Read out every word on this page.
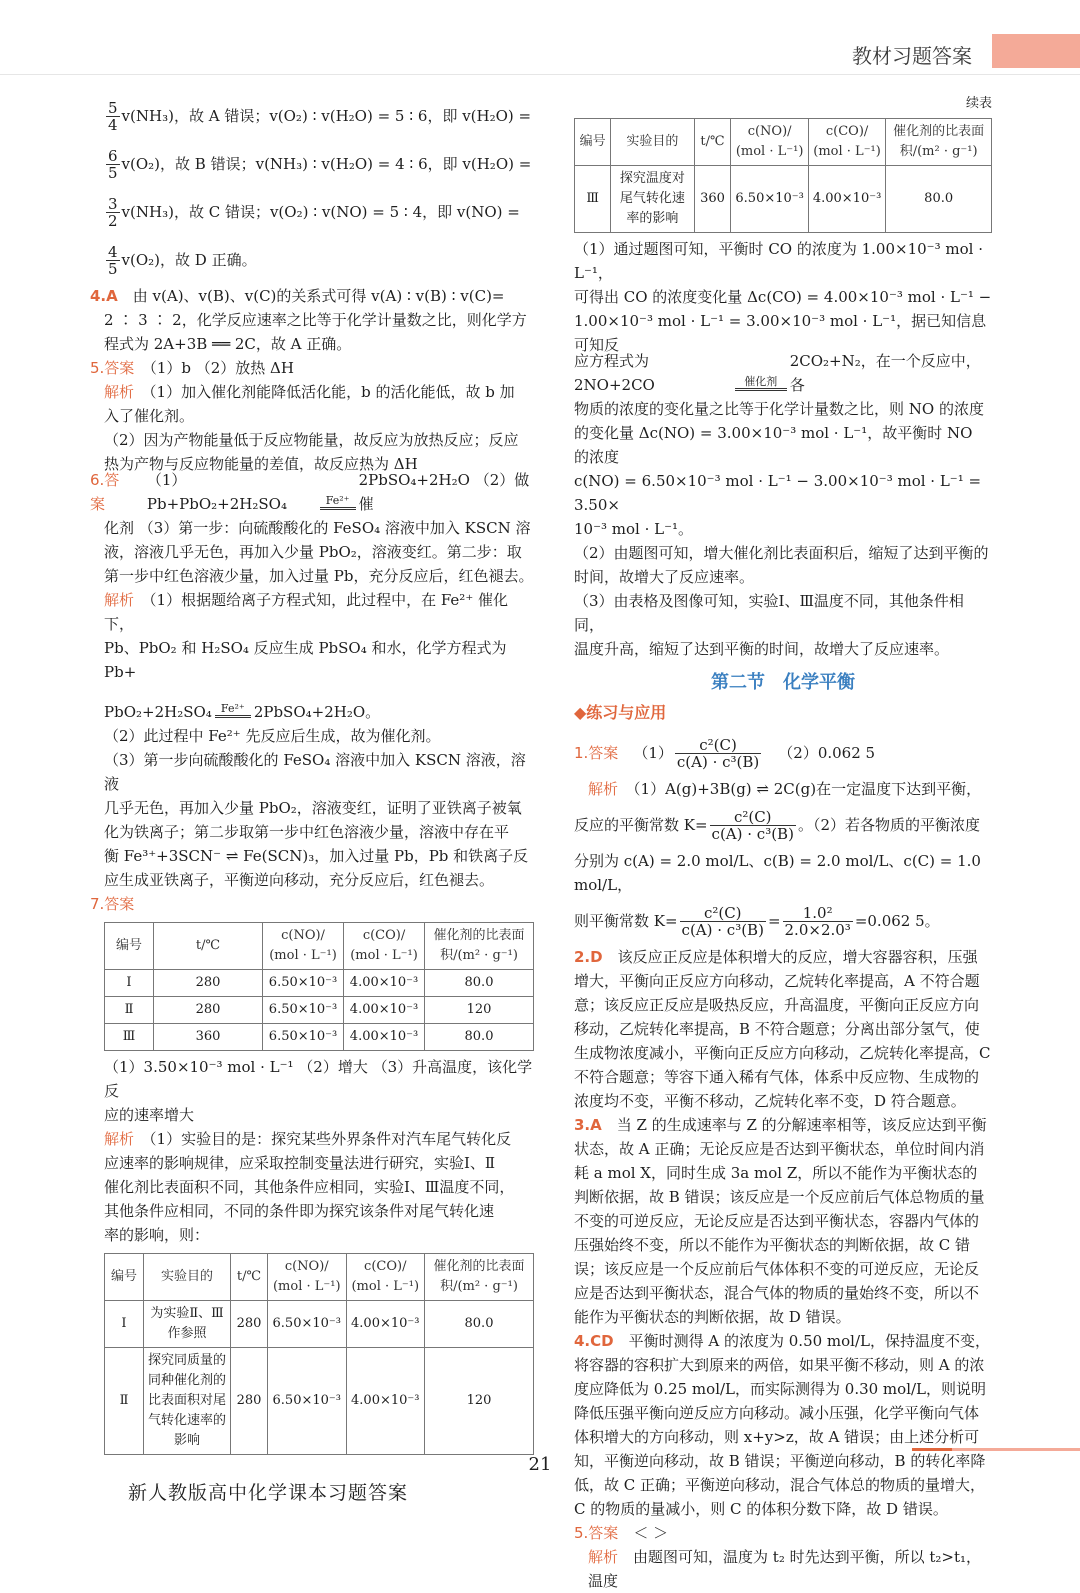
教材习题答案

$\frac{5}{4} v(NH_3)$，故 A 错误；v(O₂) ∶ v(H₂O) = 5 ∶ 6，即 v(H₂O) =

$\frac{6}{5} v(O_2)$，故 B 错误；v(NH₃) ∶ v(H₂O) = 4 ∶ 6，即 v(H₂O) =

$\frac{3}{2} v(NH_3)$，故 C 错误；v(O₂) ∶ v(NO) = 5 ∶ 4，即 v(NO) =

$\frac{4}{5} v(O_2)$，故 D 正确。

4.A　 由 v(A)、v(B)、v(C)的关系式可得 v(A) ∶ v(B) ∶ v(C)=

2 ∶ 3 ∶ 2，化学反应速率之比等于化学计量数之比，则化学方

程式为 2A+3B ══ 2C，故 A 正确。

5.答案　 （1）b （2）放热 ΔH

解析　 （1）加入催化剂能降低活化能，b 的活化能低，故 b 加

入了催化剂。

（2）因为产物能量低于反应物能量，故反应为放热反应；反应

热为产物与反应物能量的差值，故反应热为 ΔH

6.答案

（1）Pb+PbO₂+2H₂SO₄	Fe²⁺
2PbSO₄+2H₂O （2）做催

化剂 （3）第一步：向硫酸酸化的 FeSO₄ 溶液中加入 KSCN 溶

液，溶液几乎无色，再加入少量 PbO₂，溶液变红。第二步：取

第一步中红色溶液少量，加入过量 Pb，充分反应后，红色褪去。

解析　 （1）根据题给离子方程式知，此过程中，在 Fe²⁺ 催化下，

Pb、PbO₂ 和 H₂SO₄ 反应生成 PbSO₄ 和水，化学方程式为 Pb+

PbO₂+2H₂SO₄ Fe²⁺ 2PbSO₄+2H₂O。

（2）此过程中 Fe²⁺ 先反应后生成，故为催化剂。

（3）第一步向硫酸酸化的 FeSO₄ 溶液中加入 KSCN 溶液，溶液

几乎无色，再加入少量 PbO₂，溶液变红，证明了亚铁离子被氧

化为铁离子；第二步取第一步中红色溶液少量，溶液中存在平

衡 Fe³⁺+3SCN⁻ ⇌ Fe(SCN)₃，加入过量 Pb，Pb 和铁离子反

应生成亚铁离子，平衡逆向移动，充分反应后，红色褪去。

7.答案

编号	t/℃	c(NO)/ (mol · L⁻¹)	c(CO)/ (mol · L⁻¹)	催化剂的比表面积/(m² · g⁻¹)
Ⅰ	280	6.50×10⁻³	4.00×10⁻³	80.0
Ⅱ	280	6.50×10⁻³	4.00×10⁻³	120
Ⅲ	360	6.50×10⁻³	4.00×10⁻³	80.0

（1）3.50×10⁻³ mol · L⁻¹ （2）增大 （3）升高温度，该化学反

应的速率增大

解析　 （1）实验目的是：探究某些外界条件对汽车尾气转化反

应速率的影响规律，应采取控制变量法进行研究，实验Ⅰ、Ⅱ

催化剂比表面积不同，其他条件应相同，实验Ⅰ、Ⅲ温度不同，

其他条件应相同，不同的条件即为探究该条件对尾气转化速

率的影响，则：

编号	实验目的	t/℃	c(NO)/ (mol · L⁻¹)	c(CO)/ (mol · L⁻¹)	催化剂的比表面积/(m² · g⁻¹)
Ⅰ	为实验Ⅱ、Ⅲ作参照	280	6.50×10⁻³	4.00×10⁻³	80.0
Ⅱ	探究同质量的同种催化剂的比表面积对尾气转化速率的影响	280	6.50×10⁻³	4.00×10⁻³	120
续表
编号	实验目的	t/℃	c(NO)/ (mol · L⁻¹)	c(CO)/ (mol · L⁻¹)	催化剂的比表面积/(m² · g⁻¹)
Ⅲ	探究温度对尾气转化速率的影响	360	6.50×10⁻³	4.00×10⁻³	80.0

（1）通过题图可知，平衡时 CO 的浓度为 1.00×10⁻³ mol · L⁻¹，

可得出 CO 的浓度变化量 Δc(CO) = 4.00×10⁻³ mol · L⁻¹ −

1.00×10⁻³ mol · L⁻¹ = 3.00×10⁻³ mol · L⁻¹，据已知信息可知反

应方程式为 2NO+2CO	催化剂
2CO₂+N₂，在一个反应中，各

物质的浓度的变化量之比等于化学计量数之比，则 NO 的浓度

的变化量 Δc(NO) = 3.00×10⁻³ mol · L⁻¹，故平衡时 NO 的浓度

c(NO) = 6.50×10⁻³ mol · L⁻¹ − 3.00×10⁻³ mol · L⁻¹ = 3.50×

10⁻³ mol · L⁻¹。

（2）由题图可知，增大催化剂比表面积后，缩短了达到平衡的

时间，故增大了反应速率。

（3）由表格及图像可知，实验Ⅰ、Ⅲ温度不同，其他条件相同，

温度升高，缩短了达到平衡的时间，故增大了反应速率。

第二节　化学平衡
◆练习与应用

1.答案
　 $(1) \frac{\text{c²(C)}}{\text{c(A) · c³(B)}}$
　 （2）0.062 5

解析　 （1）A(g)+3B(g) ⇌ 2C(g)在一定温度下达到平衡，

反应的平衡常数 $K= \frac{\text{c²(C)}}{\text{c(A) · c³(B)}}$ 。（2）若各物质的平衡浓度

分别为 c(A) = 2.0 mol/L、c(B) = 2.0 mol/L、c(C) = 1.0 mol/L，

则平衡常数 $K= \frac{\text{c²(C)}}{\text{c(A) · c³(B)}} = \frac{\text{1.0²}}{\text{2.0×2.0³}} =0.062$ 5。

2.D　 该反应正反应是体积增大的反应，增大容器容积，压强增大，平衡向正反应方向移动，乙烷转化率提高，A 不符合题意；该反应正反应是吸热反应，升高温度，平衡向正反应方向移动，乙烷转化率提高，B 不符合题意；分离出部分氢气，使生成物浓度减小，平衡向正反应方向移动，乙烷转化率提高，C 不符合题意；等容下通入稀有气体，体系中反应物、生成物的浓度均不变，平衡不移动，乙烷转化率不变，D 符合题意。

3.A　 当 Z 的生成速率与 Z 的分解速率相等，该反应达到平衡状态，故 A 正确；无论反应是否达到平衡状态，单位时间内消耗 a mol X，同时生成 3a mol Z，所以不能作为平衡状态的判断依据，故 B 错误；该反应是一个反应前后气体总物质的量不变的可逆反应，无论反应是否达到平衡状态，容器内气体的压强始终不变，所以不能作为平衡状态的判断依据，故 C 错误；该反应是一个反应前后气体体积不变的可逆反应，无论反应是否达到平衡状态，混合气体的物质的量始终不变，所以不能作为平衡状态的判断依据，故 D 错误。

4.CD　 平衡时测得 A 的浓度为 0.50 mol/L，保持温度不变，将容器的容积扩大到原来的两倍，如果平衡不移动，则 A 的浓度应降低为 0.25 mol/L，而实际测得为 0.30 mol/L，则说明降低压强平衡向逆反应方向移动。减小压强，化学平衡向气体体积增大的方向移动，则 x+y>z，故 A 错误；由上述分析可知，平衡逆向移动，故 B 错误；平衡逆向移动，B 的转化率降低，故 C 正确；平衡逆向移动，混合气体总的物质的量增大，C 的物质的量减小，则 C 的体积分数下降，故 D 错误。

5.答案　 ＜ ＞

解析　 由题图可知，温度为 t₂ 时先达到平衡，所以 t₂>t₁，温度

21
新人教版高中化学课本习题答案
